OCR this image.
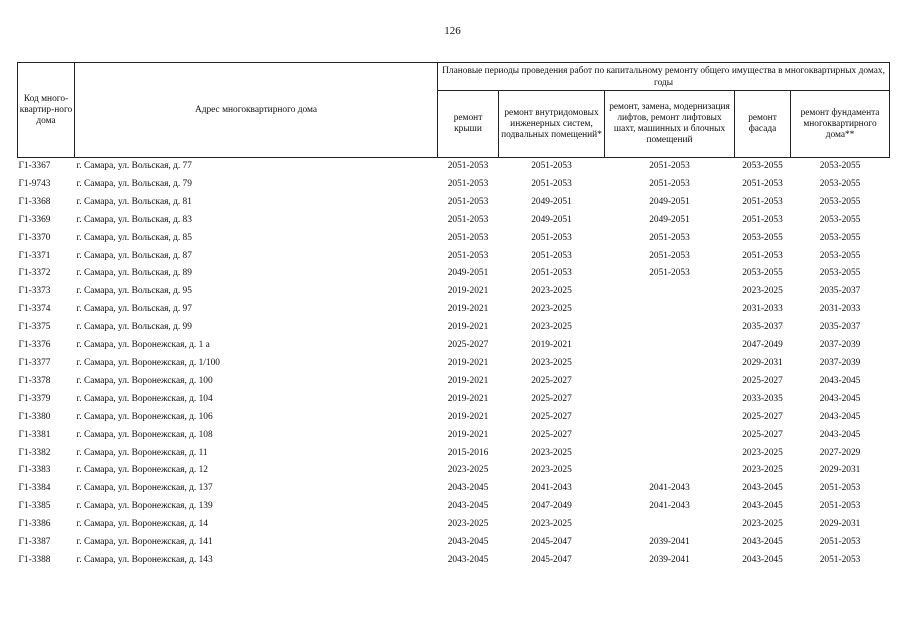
126
Код много-квартир-ного дома	Адрес многоквартирного дома	Плановые периоды проведения работ по капитальному ремонту общего имущества в многоквартирных домах, годы				
		ремонт крыши	ремонт внутридомовых инженерных систем, подвальных помещений*	ремонт, замена, модернизация лифтов, ремонт лифтовых шахт, машинных и блочных помещений	ремонт фасада	ремонт фундамента многоквартирного дома**
Г1-3367	г. Самара, ул. Вольская, д. 77	2051-2053	2051-2053	2051-2053	2053-2055	2053-2055
Г1-9743	г. Самара, ул. Вольская, д. 79	2051-2053	2051-2053	2051-2053	2051-2053	2053-2055
Г1-3368	г. Самара, ул. Вольская, д. 81	2051-2053	2049-2051	2049-2051	2051-2053	2053-2055
Г1-3369	г. Самара, ул. Вольская, д. 83	2051-2053	2049-2051	2049-2051	2051-2053	2053-2055
Г1-3370	г. Самара, ул. Вольская, д. 85	2051-2053	2051-2053	2051-2053	2053-2055	2053-2055
Г1-3371	г. Самара, ул. Вольская, д. 87	2051-2053	2051-2053	2051-2053	2051-2053	2053-2055
Г1-3372	г. Самара, ул. Вольская, д. 89	2049-2051	2051-2053	2051-2053	2053-2055	2053-2055
Г1-3373	г. Самара, ул. Вольская, д. 95	2019-2021	2023-2025		2023-2025	2035-2037
Г1-3374	г. Самара, ул. Вольская, д. 97	2019-2021	2023-2025		2031-2033	2031-2033
Г1-3375	г. Самара, ул. Вольская, д. 99	2019-2021	2023-2025		2035-2037	2035-2037
Г1-3376	г. Самара, ул. Воронежская, д. 1 а	2025-2027	2019-2021		2047-2049	2037-2039
Г1-3377	г. Самара, ул. Воронежская, д. 1/100	2019-2021	2023-2025		2029-2031	2037-2039
Г1-3378	г. Самара, ул. Воронежская, д. 100	2019-2021	2025-2027		2025-2027	2043-2045
Г1-3379	г. Самара, ул. Воронежская, д. 104	2019-2021	2025-2027		2033-2035	2043-2045
Г1-3380	г. Самара, ул. Воронежская, д. 106	2019-2021	2025-2027		2025-2027	2043-2045
Г1-3381	г. Самара, ул. Воронежская, д. 108	2019-2021	2025-2027		2025-2027	2043-2045
Г1-3382	г. Самара, ул. Воронежская, д. 11	2015-2016	2023-2025		2023-2025	2027-2029
Г1-3383	г. Самара, ул. Воронежская, д. 12	2023-2025	2023-2025		2023-2025	2029-2031
Г1-3384	г. Самара, ул. Воронежская, д. 137	2043-2045	2041-2043	2041-2043	2043-2045	2051-2053
Г1-3385	г. Самара, ул. Воронежская, д. 139	2043-2045	2047-2049	2041-2043	2043-2045	2051-2053
Г1-3386	г. Самара, ул. Воронежская, д. 14	2023-2025	2023-2025		2023-2025	2029-2031
Г1-3387	г. Самара, ул. Воронежская, д. 141	2043-2045	2045-2047	2039-2041	2043-2045	2051-2053
Г1-3388	г. Самара, ул. Воронежская, д. 143	2043-2045	2045-2047	2039-2041	2043-2045	2051-2053
